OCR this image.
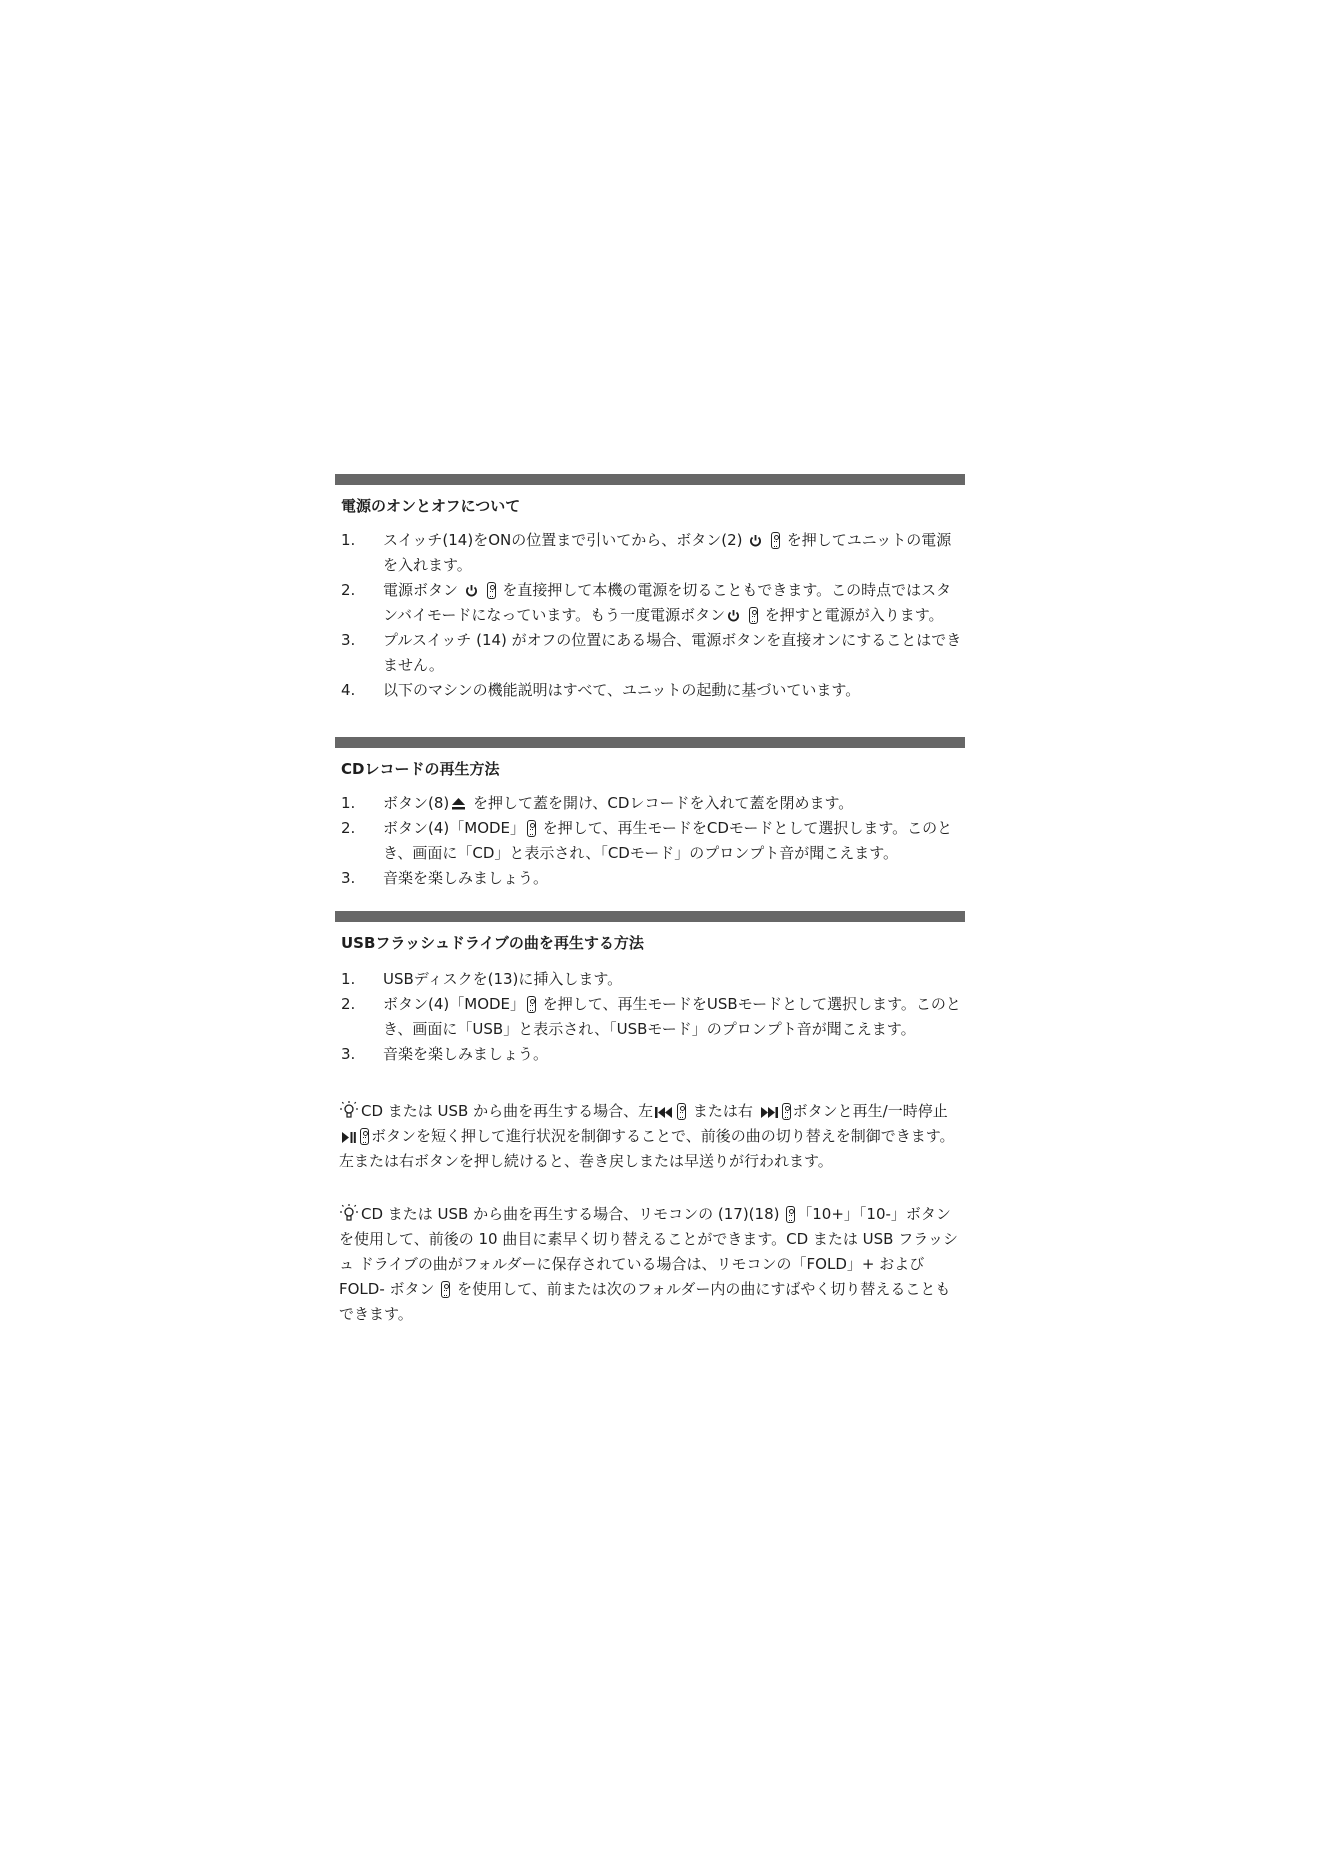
電源のオンとオフについて
1.	スイッチ(14)をONの位置まで引いてから、ボタン(2)   を押してユニットの電源を入れます。
2.	電源ボタン   を直接押して本機の電源を切ることもできます。この時点ではスタンバイモードになっています。もう一度電源ボタン  を押すと電源が入ります。
3.	プルスイッチ (14) がオフの位置にある場合、電源ボタンを直接オンにすることはできません。
4.	以下のマシンの機能説明はすべて、ユニットの起動に基づいています。
CDレコードの再生方法
1.	ボタン(8) を押して蓋を開け、CDレコードを入れて蓋を閉めます。
2.	ボタン(4)「MODE」 を押して、再生モードをCDモードとして選択します。このとき、画面に「CD」と表示され、「CDモード」のプロンプト音が聞こえます。
3.	音楽を楽しみましょう。
USBフラッシュドライブの曲を再生する方法
1.	USBディスクを(13)に挿入します。
2.	ボタン(4)「MODE」 を押して、再生モードをUSBモードとして選択します。このとき、画面に「USB」と表示され、「USBモード」のプロンプト音が聞こえます。
3.	音楽を楽しみましょう。
CD または USB から曲を再生する場合、左 または右 ボタンと再生/一時停止 ボタンを短く押して進行状況を制御することで、前後の曲の切り替えを制御できます。左または右ボタンを押し続けると、巻き戻しまたは早送りが行われます。
CD または USB から曲を再生する場合、リモコンの (17)(18) 「10+」「10-」ボタンを使用して、前後の 10 曲目に素早く切り替えることができます。CD または USB フラッシュ ドライブの曲がフォルダーに保存されている場合は、リモコンの「FOLD」+ および FOLD- ボタン  を使用して、前または次のフォルダー内の曲にすばやく切り替えることもできます。
